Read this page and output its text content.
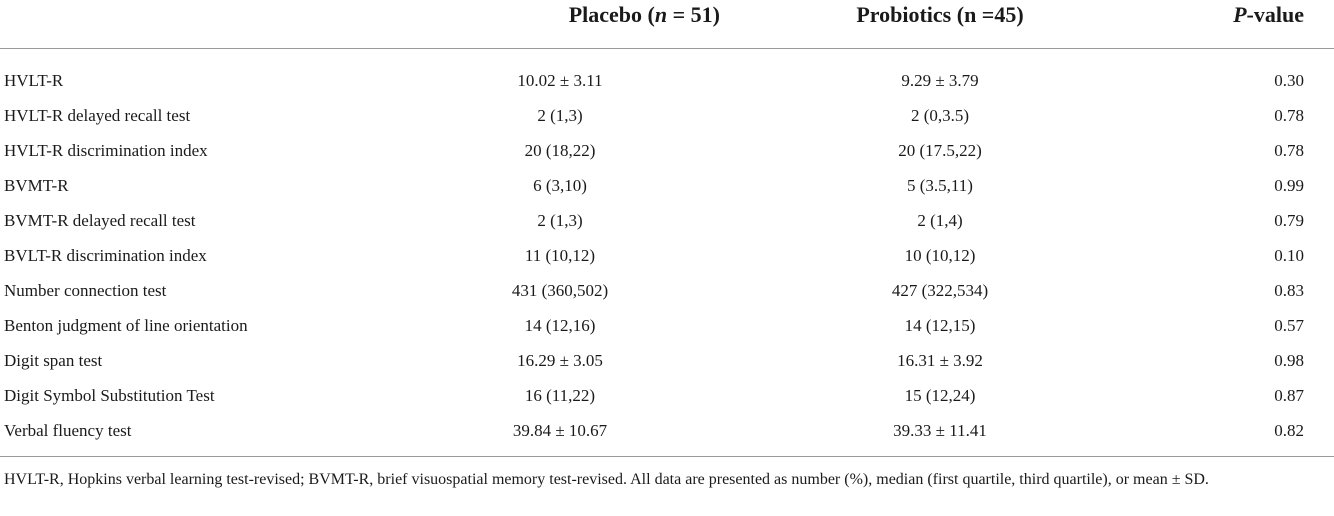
	Placebo (n = 51)	Probiotics (n =45)	P-value
HVLT-R	10.02 ± 3.11	9.29 ± 3.79	0.30
HVLT-R delayed recall test	2 (1,3)	2 (0,3.5)	0.78
HVLT-R discrimination index	20 (18,22)	20 (17.5,22)	0.78
BVMT-R	6 (3,10)	5 (3.5,11)	0.99
BVMT-R delayed recall test	2 (1,3)	2 (1,4)	0.79
BVLT-R discrimination index	11 (10,12)	10 (10,12)	0.10
Number connection test	431 (360,502)	427 (322,534)	0.83
Benton judgment of line orientation	14 (12,16)	14 (12,15)	0.57
Digit span test	16.29 ± 3.05	16.31 ± 3.92	0.98
Digit Symbol Substitution Test	16 (11,22)	15 (12,24)	0.87
Verbal fluency test	39.84 ± 10.67	39.33 ± 11.41	0.82
HVLT-R, Hopkins verbal learning test-revised; BVMT-R, brief visuospatial memory test-revised. All data are presented as number (%), median (first quartile, third quartile), or mean ± SD.
